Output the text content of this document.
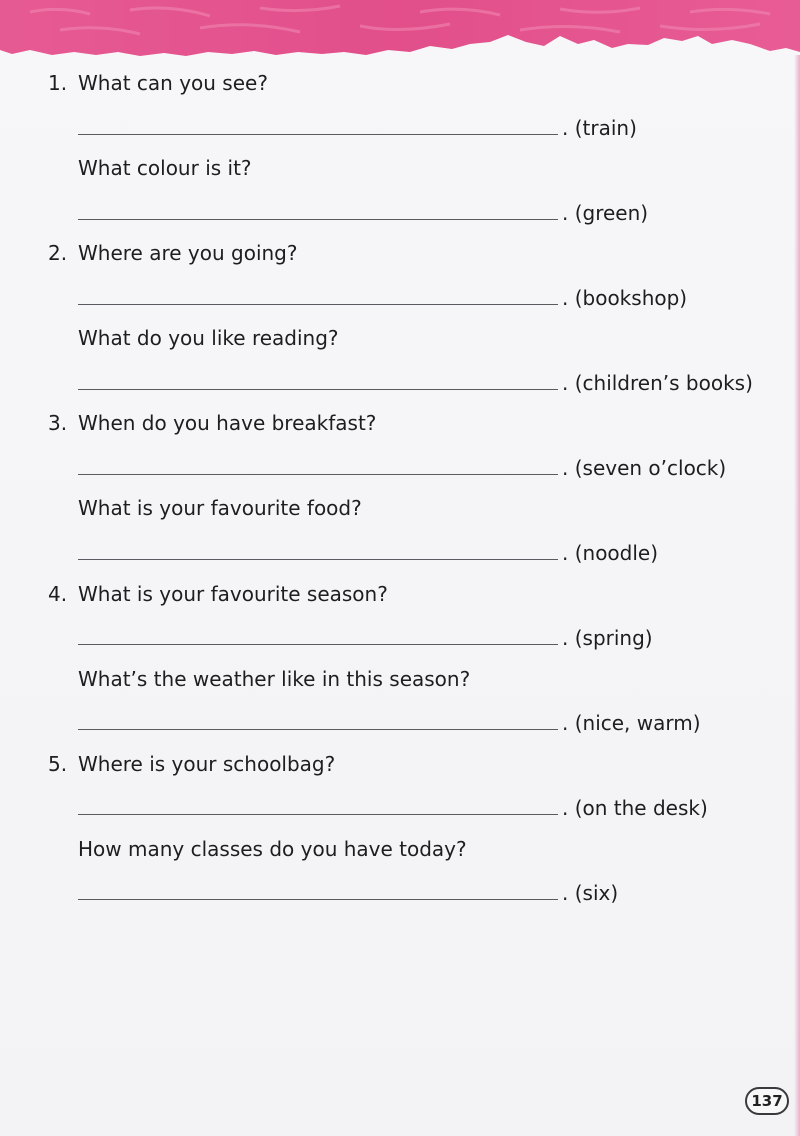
1. What can you see?
. (train)
What colour is it?
. (green)
2. Where are you going?
. (bookshop)
What do you like reading?
. (children’s books)
3. When do you have breakfast?
. (seven o’clock)
What is your favourite food?
. (noodle)
4. What is your favourite season?
. (spring)
What’s the weather like in this season?
. (nice, warm)
5. Where is your schoolbag?
. (on the desk)
How many classes do you have today?
. (six)
137
